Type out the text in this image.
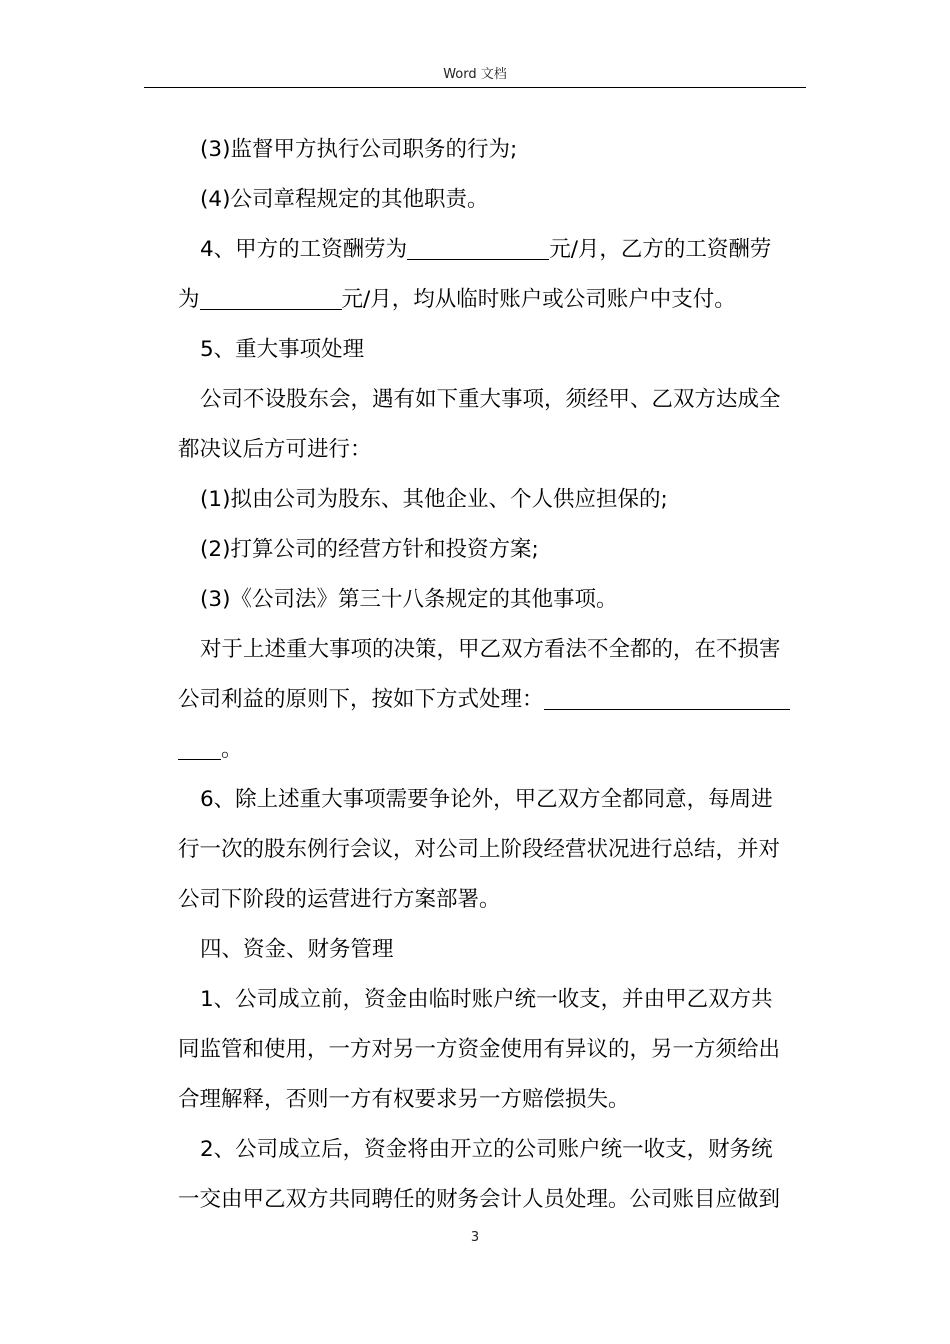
Word 文档
(3)监督甲方执行公司职务的行为;
(4)公司章程规定的其他职责。
4、甲方的工资酬劳为	元/月，乙方的工资酬劳
为	元/月，均从临时账户或公司账户中支付。
5、重大事项处理
公司不设股东会，遇有如下重大事项，须经甲、乙双方达成全
都决议后方可进行：
(1)拟由公司为股东、其他企业、个人供应担保的;
(2)打算公司的经营方针和投资方案;
(3)《公司法》第三十八条规定的其他事项。
对于上述重大事项的决策，甲乙双方看法不全都的，在不损害
公司利益的原则下，按如下方式处理：
。
6、除上述重大事项需要争论外，甲乙双方全都同意，每周进
行一次的股东例行会议，对公司上阶段经营状况进行总结，并对
公司下阶段的运营进行方案部署。
四、资金、财务管理
1、公司成立前，资金由临时账户统一收支，并由甲乙双方共
同监管和使用，一方对另一方资金使用有异议的，另一方须给出
合理解释，否则一方有权要求另一方赔偿损失。
2、公司成立后，资金将由开立的公司账户统一收支，财务统
一交由甲乙双方共同聘任的财务会计人员处理。公司账目应做到
3
